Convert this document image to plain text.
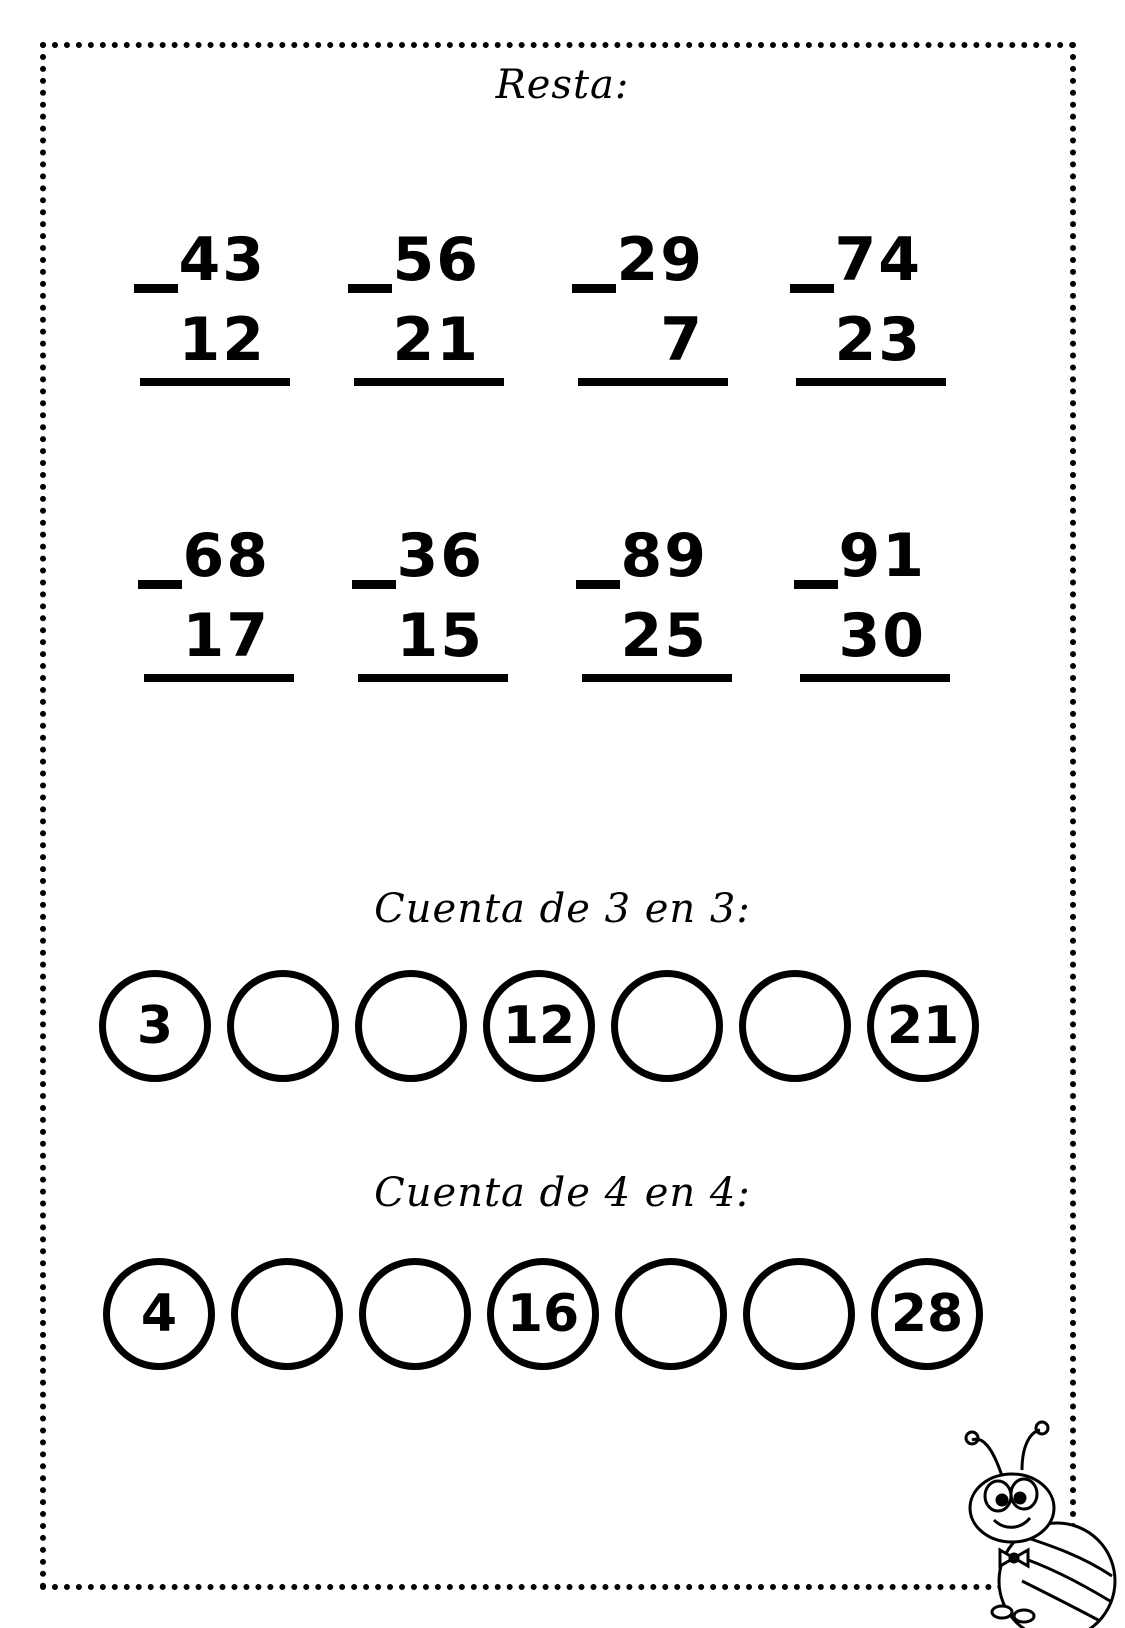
Resta:
43
12
56
21
29
7
74
23
68
17
36
15
89
25
91
30
Cuenta de 3 en 3:
3	12	21
Cuenta de 4 en 4:
4	16	28
